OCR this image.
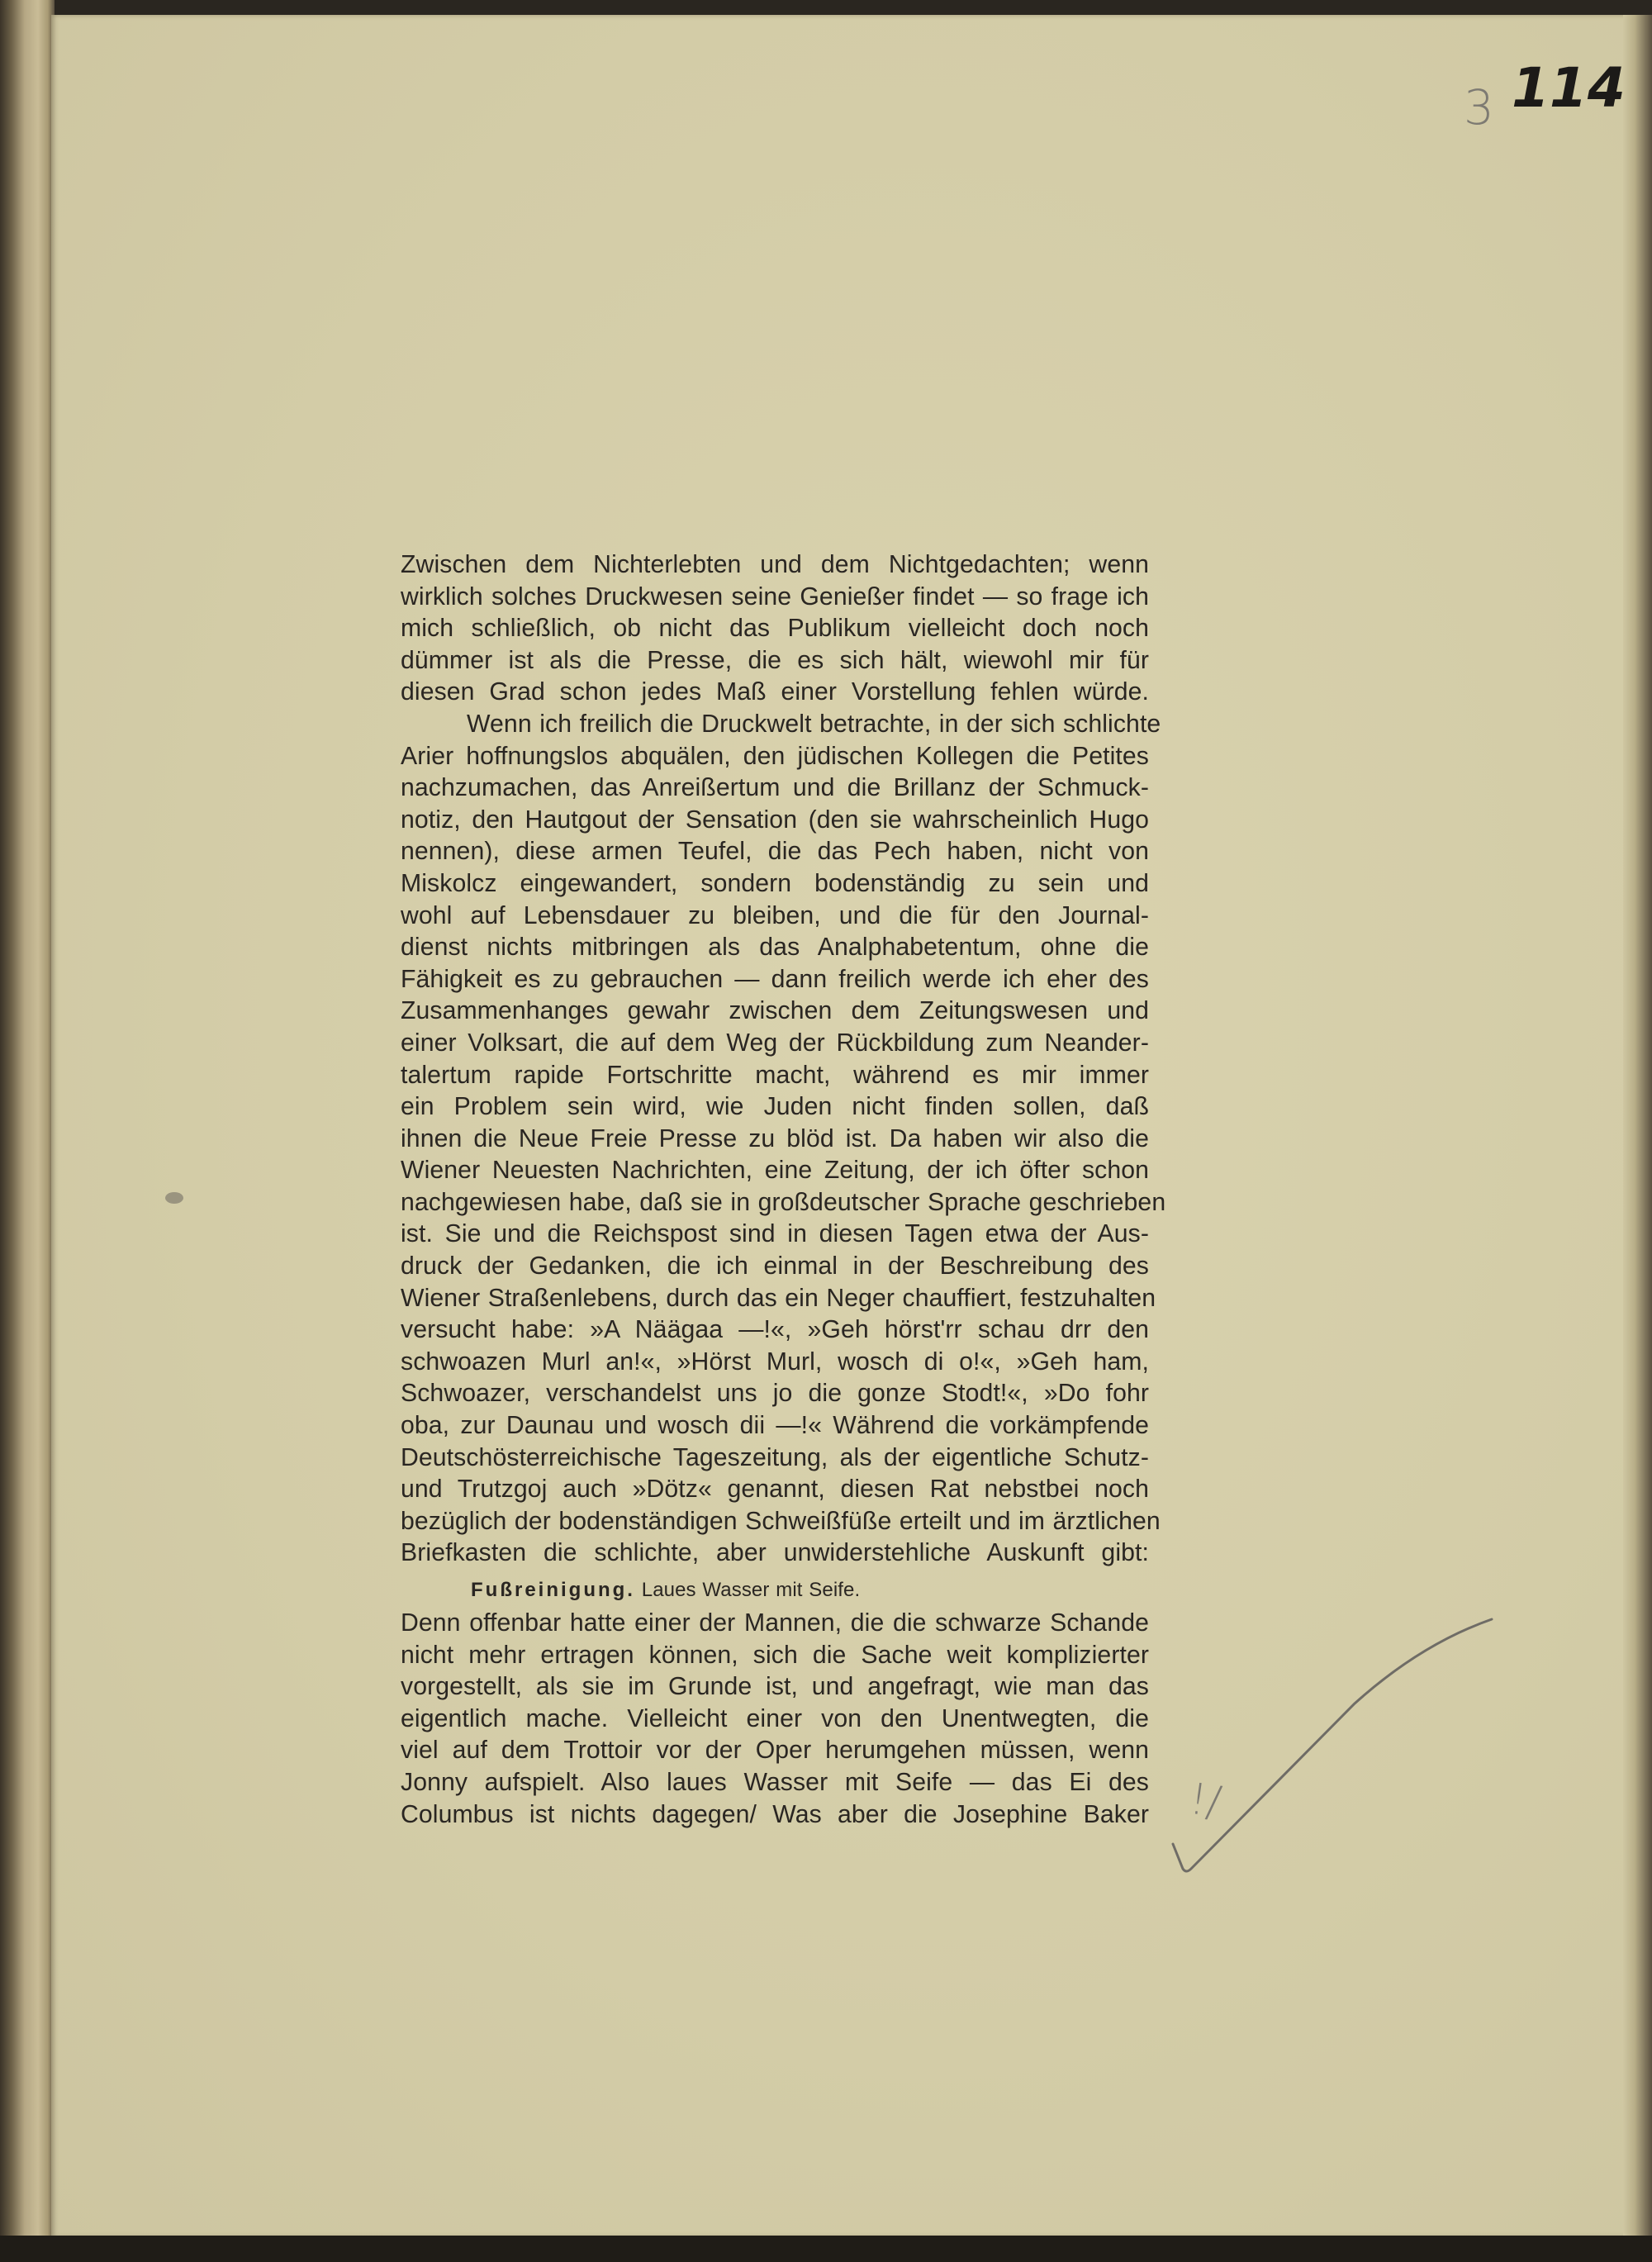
3 114
!/
Zwischen dem Nichterlebten und dem Nichtgedachten; wenn
wirklich solches Druckwesen seine Genießer findet — so frage ich
mich schließlich, ob nicht das Publikum vielleicht doch noch
dümmer ist als die Presse, die es sich hält, wiewohl mir für
diesen Grad schon jedes Maß einer Vorstellung fehlen würde.
Wenn ich freilich die Druckwelt betrachte, in der sich schlichte
Arier hoffnungslos abquälen, den jüdischen Kollegen die Petites
nachzumachen, das Anreißertum und die Brillanz der Schmuck-
notiz, den Hautgout der Sensation (den sie wahrscheinlich Hugo
nennen), diese armen Teufel, die das Pech haben, nicht von
Miskolcz eingewandert, sondern bodenständig zu sein und
wohl auf Lebensdauer zu bleiben, und die für den Journal-
dienst nichts mitbringen als das Analphabetentum, ohne die
Fähigkeit es zu gebrauchen — dann freilich werde ich eher des
Zusammenhanges gewahr zwischen dem Zeitungswesen und
einer Volksart, die auf dem Weg der Rückbildung zum Neander-
talertum rapide Fortschritte macht, während es mir immer
ein Problem sein wird, wie Juden nicht finden sollen, daß
ihnen die Neue Freie Presse zu blöd ist. Da haben wir also die
Wiener Neuesten Nachrichten, eine Zeitung, der ich öfter schon
nachgewiesen habe, daß sie in großdeutscher Sprache geschrieben
ist. Sie und die Reichspost sind in diesen Tagen etwa der Aus-
druck der Gedanken, die ich einmal in der Beschreibung des
Wiener Straßenlebens, durch das ein Neger chauffiert, festzuhalten
versucht habe: »A Näägaa —!«, »Geh hörst'rr schau drr den
schwoazen Murl an!«, »Hörst Murl, wosch di o!«, »Geh ham,
Schwoazer, verschandelst uns jo die gonze Stodt!«, »Do fohr
oba, zur Daunau und wosch dii —!« Während die vorkämpfende
Deutschösterreichische Tageszeitung, als der eigentliche Schutz-
und Trutzgoj auch »Dötz« genannt, diesen Rat nebstbei noch
bezüglich der bodenständigen Schweißfüße erteilt und im ärztlichen
Briefkasten die schlichte, aber unwiderstehliche Auskunft gibt:
Fußreinigung. Laues Wasser mit Seife.
Denn offenbar hatte einer der Mannen, die die schwarze Schande
nicht mehr ertragen können, sich die Sache weit komplizierter
vorgestellt, als sie im Grunde ist, und angefragt, wie man das
eigentlich mache. Vielleicht einer von den Unentwegten, die
viel auf dem Trottoir vor der Oper herumgehen müssen, wenn
Jonny aufspielt. Also laues Wasser mit Seife — das Ei des
Columbus ist nichts dagegen/ Was aber die Josephine Baker
